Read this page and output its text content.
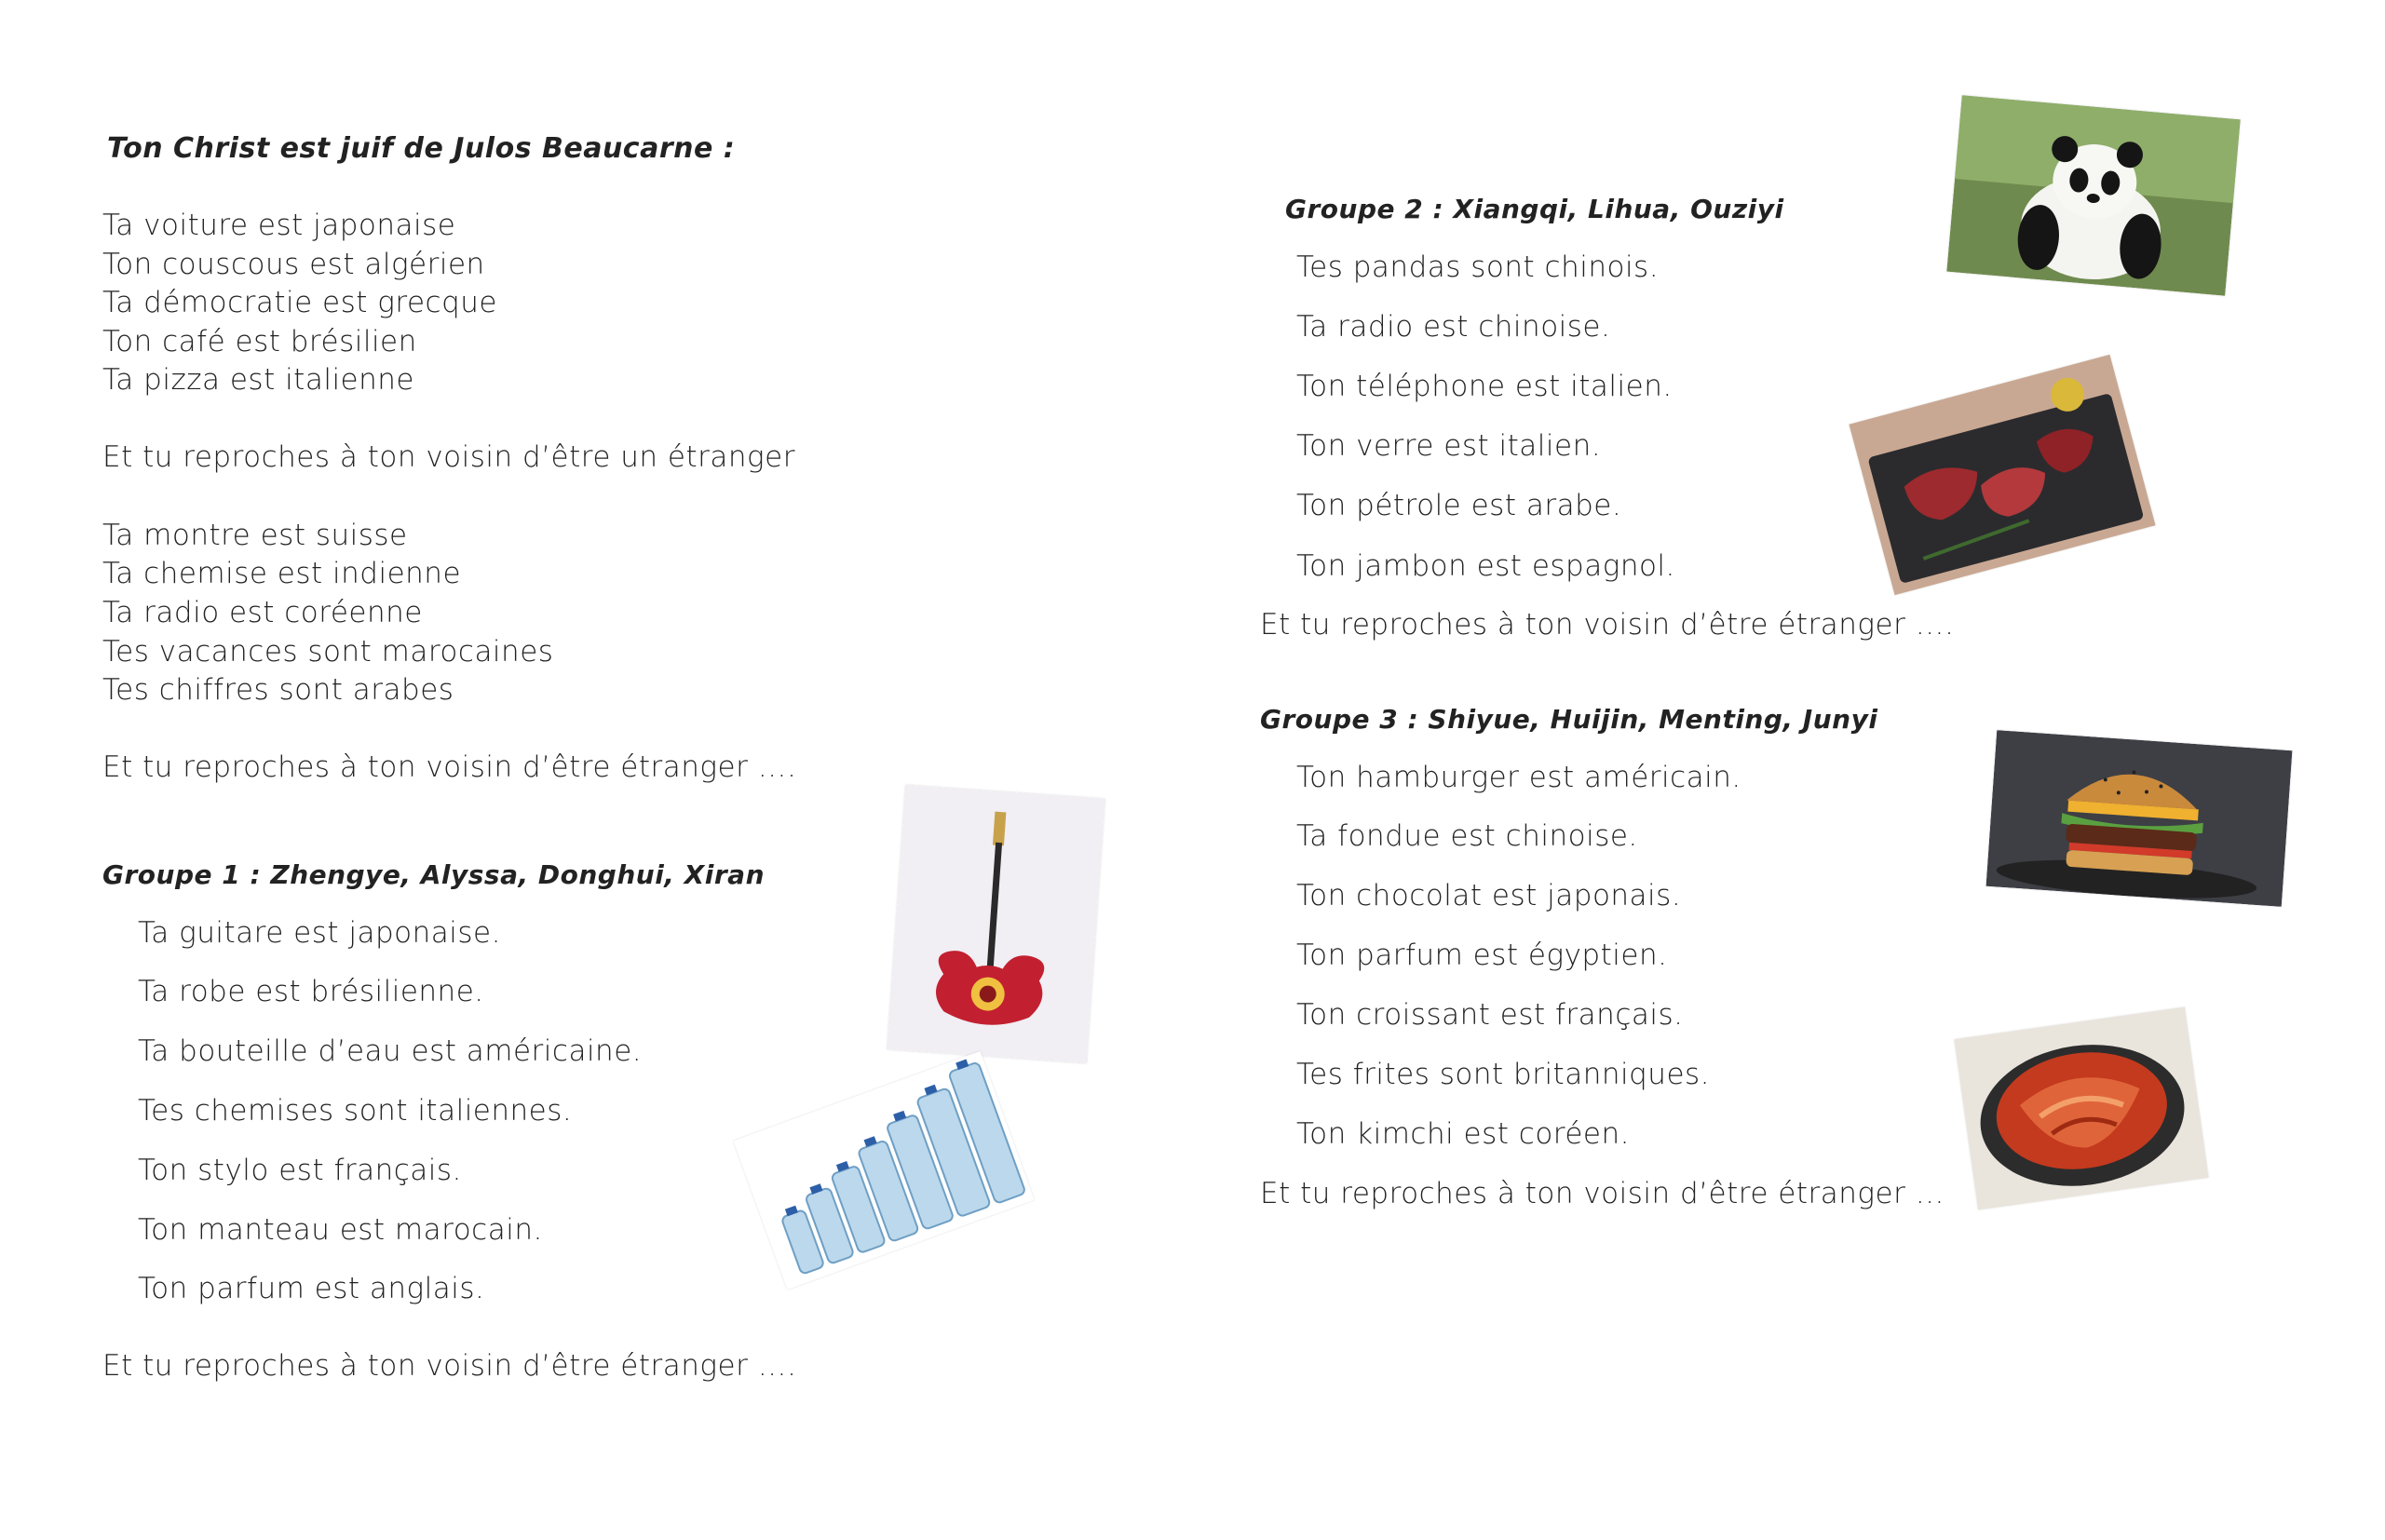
Ton Christ est juif de Julos Beaucarne :
Ta voiture est japonaise
Ton couscous est algérien
Ta démocratie est grecque
Ton café est brésilien
Ta pizza est italienne
Et tu reproches à ton voisin d’être un étranger
Ta montre est suisse
Ta chemise est indienne
Ta radio est coréenne
Tes vacances sont marocaines
Tes chiffres sont arabes
Et tu reproches à ton voisin d’être étranger ….
Groupe 1 : Zhengye, Alyssa, Donghui, Xiran
Ta guitare est japonaise.
Ta robe est brésilienne.
Ta bouteille d’eau est américaine.
Tes chemises sont italiennes.
Ton stylo est français.
Ton manteau est marocain.
Ton parfum est anglais.
Et tu reproches à ton voisin d’être étranger ….
Groupe 2 : Xiangqi, Lihua, Ouziyi
Tes pandas sont chinois.
Ta radio est chinoise.
Ton téléphone est italien.
Ton verre est italien.
Ton pétrole est arabe.
Ton jambon est espagnol.
Et tu reproches à ton voisin d’être étranger ….
Groupe 3 : Shiyue, Huijin, Menting, Junyi
Ton hamburger est américain.
Ta fondue est chinoise.
Ton chocolat est japonais.
Ton parfum est égyptien.
Ton croissant est français.
Tes frites sont britanniques.
Ton kimchi est coréen.
Et tu reproches à ton voisin d’être étranger …
